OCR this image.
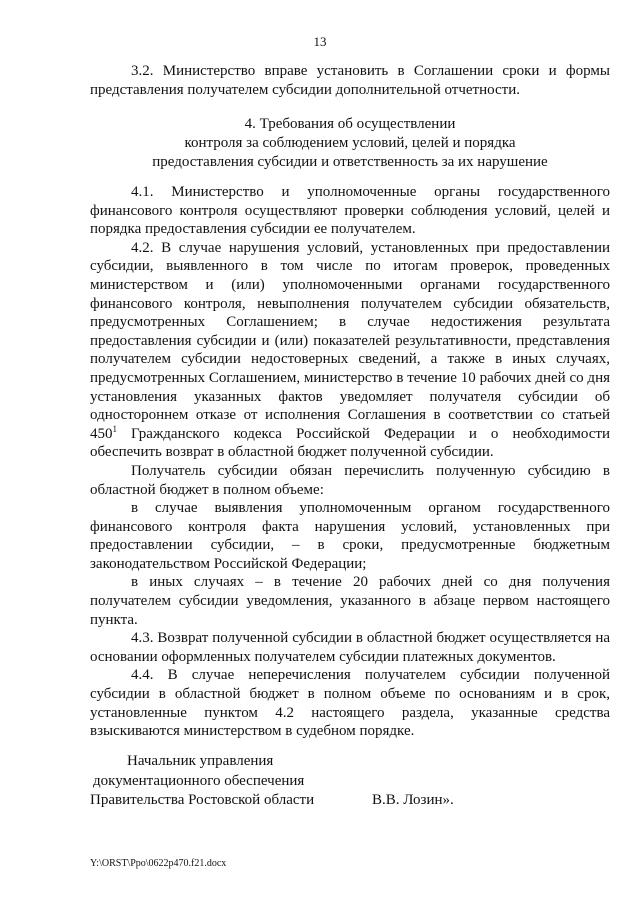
13

3.2. Министерство вправе установить в Соглашении сроки и формы представления получателем субсидии дополнительной отчетности.

4. Требования об осуществлении
контроля за соблюдением условий, целей и порядка
предоставления субсидии и ответственность за их нарушение

4.1. Министерство и уполномоченные органы государственного финансового контроля осуществляют проверки соблюдения условий, целей и порядка предоставления субсидии ее получателем.

4.2. В случае нарушения условий, установленных при предоставлении субсидии, выявленного в том числе по итогам проверок, проведенных министерством и (или) уполномоченными органами государственного финансового контроля, невыполнения получателем субсидии обязательств, предусмотренных Соглашением; в случае недостижения результата предоставления субсидии и (или) показателей результативности, представления получателем субсидии недостоверных сведений, а также в иных случаях, предусмотренных Соглашением, министерство в течение 10 рабочих дней со дня установления указанных фактов уведомляет получателя субсидии об одностороннем отказе от исполнения Соглашения в соответствии со статьей $450^1$ Гражданского кодекса Российской Федерации и о необходимости обеспечить возврат в областной бюджет полученной субсидии.

Получатель субсидии обязан перечислить полученную субсидию в областной бюджет в полном объеме:

в случае выявления уполномоченным органом государственного финансового контроля факта нарушения условий, установленных при предоставлении субсидии, – в сроки, предусмотренные бюджетным законодательством Российской Федерации;

в иных случаях – в течение 20 рабочих дней со дня получения получателем субсидии уведомления, указанного в абзаце первом настоящего пункта.

4.3. Возврат полученной субсидии в областной бюджет осуществляется на основании оформленных получателем субсидии платежных документов.

4.4. В случае неперечисления получателем субсидии полученной субсидии в областной бюджет в полном объеме по основаниям и в срок, установленные пунктом 4.2 настоящего раздела, указанные средства взыскиваются министерством в судебном порядке.

Начальник управления
документационного обеспечения
Правительства Ростовской области	В.В. Лозин».
Y:\ORST\Ppo\0622p470.f21.docx
